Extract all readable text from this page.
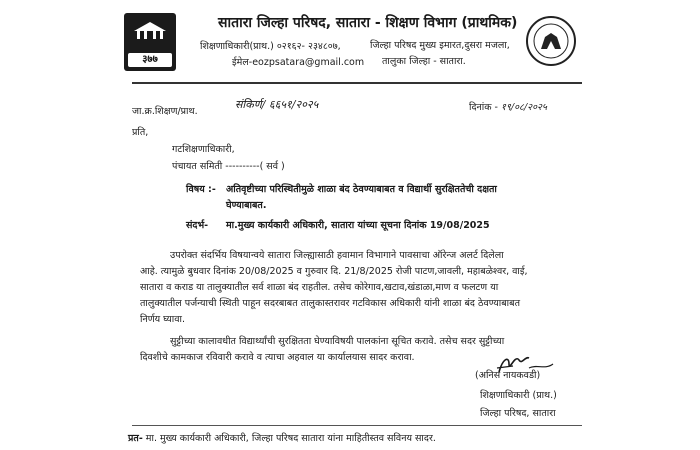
३७७
सातारा जिल्हा परिषद, सातारा - शिक्षण विभाग (प्राथमिक)
शिक्षणाधिकारी(प्राथ.) ०२१६२- २३४८०७,
ईमेल-eozpsatara@gmail.com
जिल्हा परिषद मुख्य इमारत,दुसरा मजला,
तालुका जिल्हा - सातारा.
जा.क्र.शिक्षण/प्राथ.
संकिर्ण/ ६६५१/२०२५	दिनांक - १९/०८/२०२५
प्रति,
गटशिक्षणाधिकारी,
पंचायत समिती ----------( सर्व )
विषय :- अतिवृष्टीच्या परिस्थितीमुळे शाळा बंद ठेवण्याबाबत व विद्यार्थी सुरक्षिततेची दक्षता
घेण्याबाबत.
संदर्भ- मा.मुख्य कार्यकारी अधिकारी, सातारा यांच्या सूचना दिनांक 19/08/2025
उपरोक्त संदर्भिय विषयान्वये सातारा जिल्ह्यासाठी हवामान विभागाने पावसाचा ऑरेन्ज अलर्ट दिलेला
आहे. त्यामुळे बुधवार दिनांक 20/08/2025 व गुरुवार दि. 21/8/2025 रोजी पाटण,जावली, महाबळेश्वर, वाई,
सातारा व कराड या तालुक्यातील सर्व शाळा बंद राहतील. तसेच कोरेगाव,खटाव,खंडाळा,माण व फलटण या
तालुक्यातील पर्जन्याची स्थिती पाहून सदरबाबत तालुकास्तरावर गटविकास अधिकारी यांनी शाळा बंद ठेवण्याबाबत
निर्णय घ्यावा.
सुट्टीच्या कालावधीत विद्यार्थ्यांची सुरक्षितता घेण्याविषयी पालकांना सूचित करावे. तसेच सदर सुट्टीच्या
दिवशीचे कामकाज रविवारी करावे व त्याचा अहवाल या कार्यालयास सादर करावा.
(अनिस नायकवडी)
शिक्षणाधिकारी (प्राथ.)
जिल्हा परिषद, सातारा
प्रत- मा. मुख्य कार्यकारी अधिकारी, जिल्हा परिषद सातारा यांना माहितीस्तव सविनय सादर.
